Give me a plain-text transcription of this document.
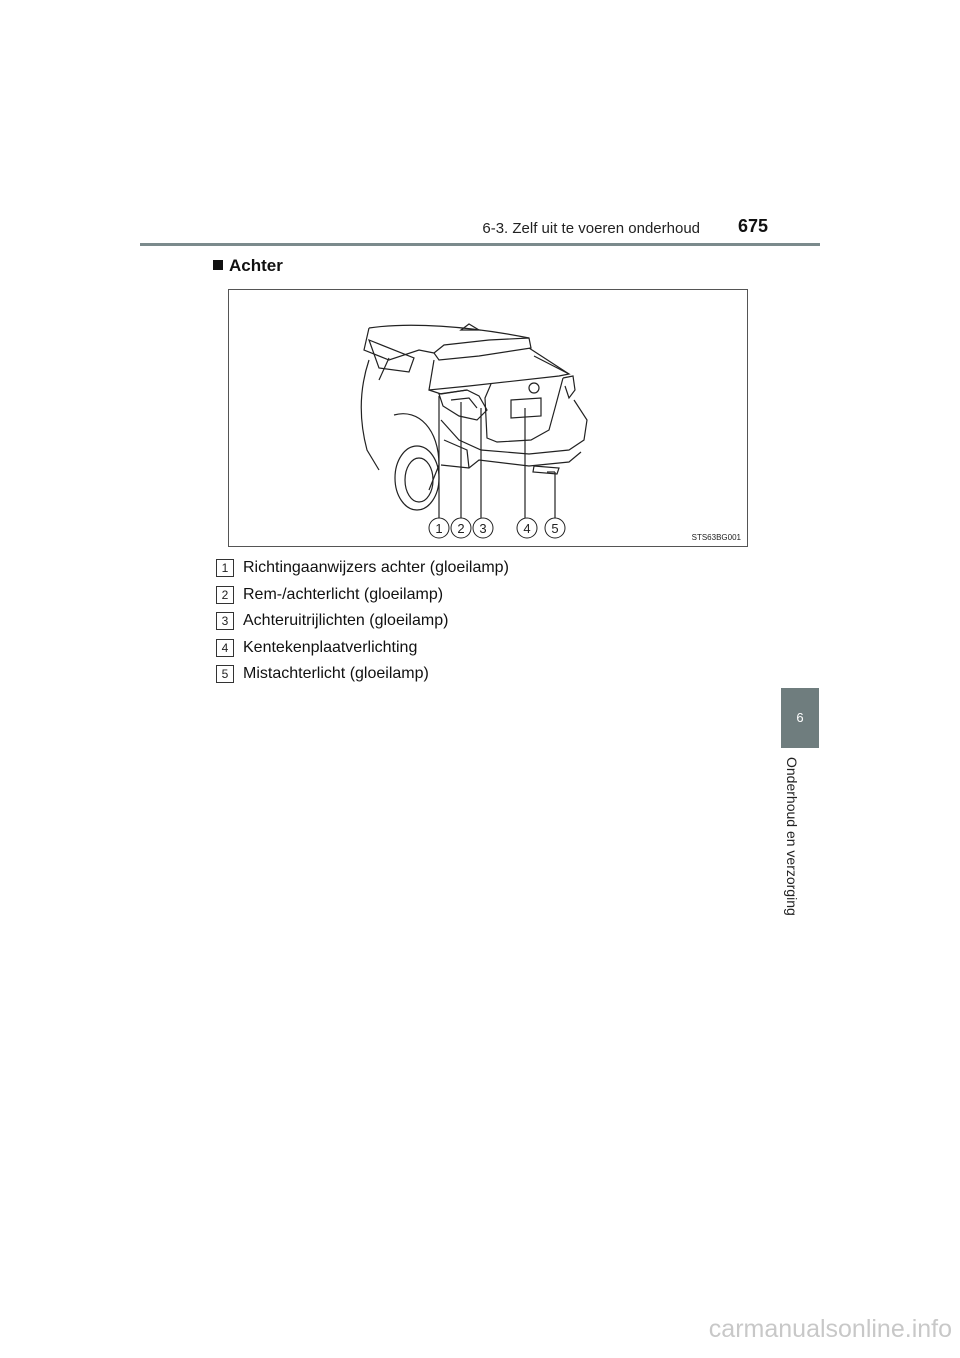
6-3. Zelf uit te voeren onderhoud 675
Achter
1 2 3	4 5
STS63BG001
1 Richtingaanwijzers achter (gloeilamp)
2 Rem-/achterlicht (gloeilamp)
3 Achteruitrijlichten (gloeilamp)
4 Kentekenplaatverlichting
5 Mistachterlicht (gloeilamp)
6
Onderhoud en verzorging
carmanualsonline.info
